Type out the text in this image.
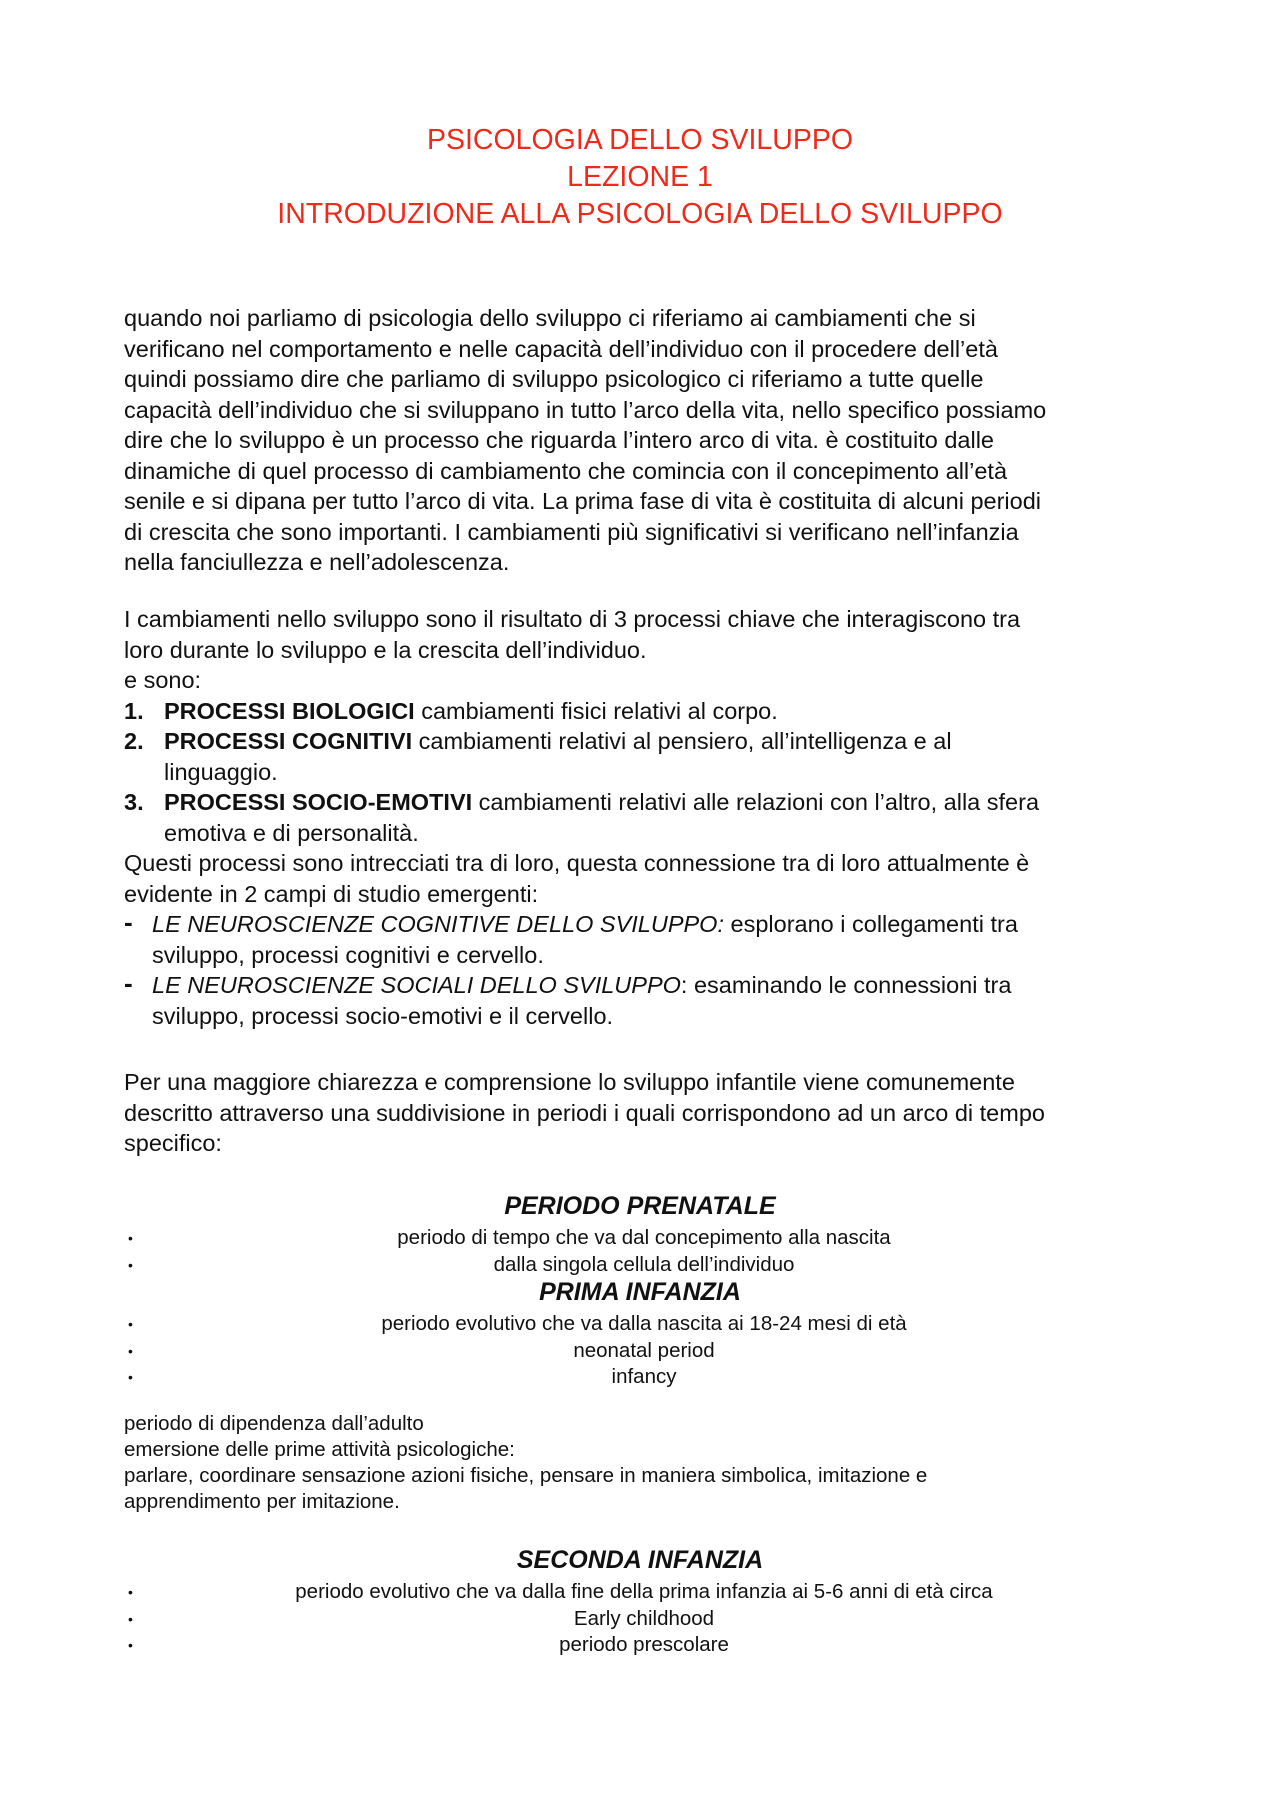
PSICOLOGIA DELLO SVILUPPO
LEZIONE 1
INTRODUZIONE ALLA PSICOLOGIA DELLO SVILUPPO
quando noi parliamo di psicologia dello sviluppo ci riferiamo ai cambiamenti che si
verificano nel comportamento e nelle capacità dell’individuo con il procedere dell’età
quindi possiamo dire che parliamo di sviluppo psicologico ci riferiamo a tutte quelle
capacità dell’individuo che si sviluppano in tutto l’arco della vita, nello specifico possiamo
dire che lo sviluppo è un processo che riguarda l’intero arco di vita. è costituito dalle
dinamiche di quel processo di cambiamento che comincia con il concepimento all’età
senile e si dipana per tutto l’arco di vita. La prima fase di vita è costituita di alcuni periodi
di crescita che sono importanti. I cambiamenti più significativi si verificano nell’infanzia
nella fanciullezza e nell’adolescenza.
I cambiamenti nello sviluppo sono il risultato di 3 processi chiave che interagiscono tra
loro durante lo sviluppo e la crescita dell’individuo.
e sono:
1. PROCESSI BIOLOGICI cambiamenti fisici relativi al corpo.
2. PROCESSI COGNITIVI cambiamenti relativi al pensiero, all’intelligenza e al
linguaggio.
3. PROCESSI SOCIO-EMOTIVI cambiamenti relativi alle relazioni con l’altro, alla sfera
emotiva e di personalità.
Questi processi sono intrecciati tra di loro, questa connessione tra di loro attualmente è
evidente in 2 campi di studio emergenti:
- LE NEUROSCIENZE COGNITIVE DELLO SVILUPPO: esplorano i collegamenti tra
sviluppo, processi cognitivi e cervello.
- LE NEUROSCIENZE SOCIALI DELLO SVILUPPO: esaminando le connessioni tra
sviluppo, processi socio-emotivi e il cervello.
Per una maggiore chiarezza e comprensione lo sviluppo infantile viene comunemente
descritto attraverso una suddivisione in periodi i quali corrispondono ad un arco di tempo
specifico:
PERIODO PRENATALE
•	periodo di tempo che va dal concepimento alla nascita
•	dalla singola cellula dell’individuo
PRIMA INFANZIA
•	periodo evolutivo che va dalla nascita ai 18-24 mesi di età
•	neonatal period
•	infancy
periodo di dipendenza dall’adulto
emersione delle prime attività psicologiche:
parlare, coordinare sensazione azioni fisiche, pensare in maniera simbolica, imitazione e
apprendimento per imitazione.
SECONDA INFANZIA
•	periodo evolutivo che va dalla fine della prima infanzia ai 5-6 anni di età circa
•	Early childhood
•	periodo prescolare
